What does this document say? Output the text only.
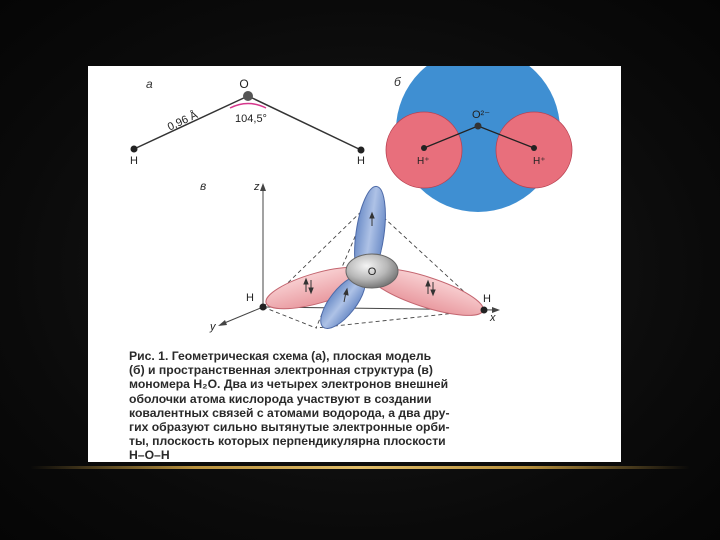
а	O
104,5°
0,96 Å
H	H
б
O²⁻
H⁺	H⁺
в	z
x
y
O
H	H
Рис. 1. Геометрическая схема (а), плоская модель
(б) и пространственная электронная структура (в)
мономера H₂O. Два из четырех электронов внешней
оболочки атома кислорода участвуют в создании
ковалентных связей с атомами водорода, а два дру-
гих образуют сильно вытянутые электронные орби-
ты, плоскость которых перпендикулярна плоскости
H–O–H
